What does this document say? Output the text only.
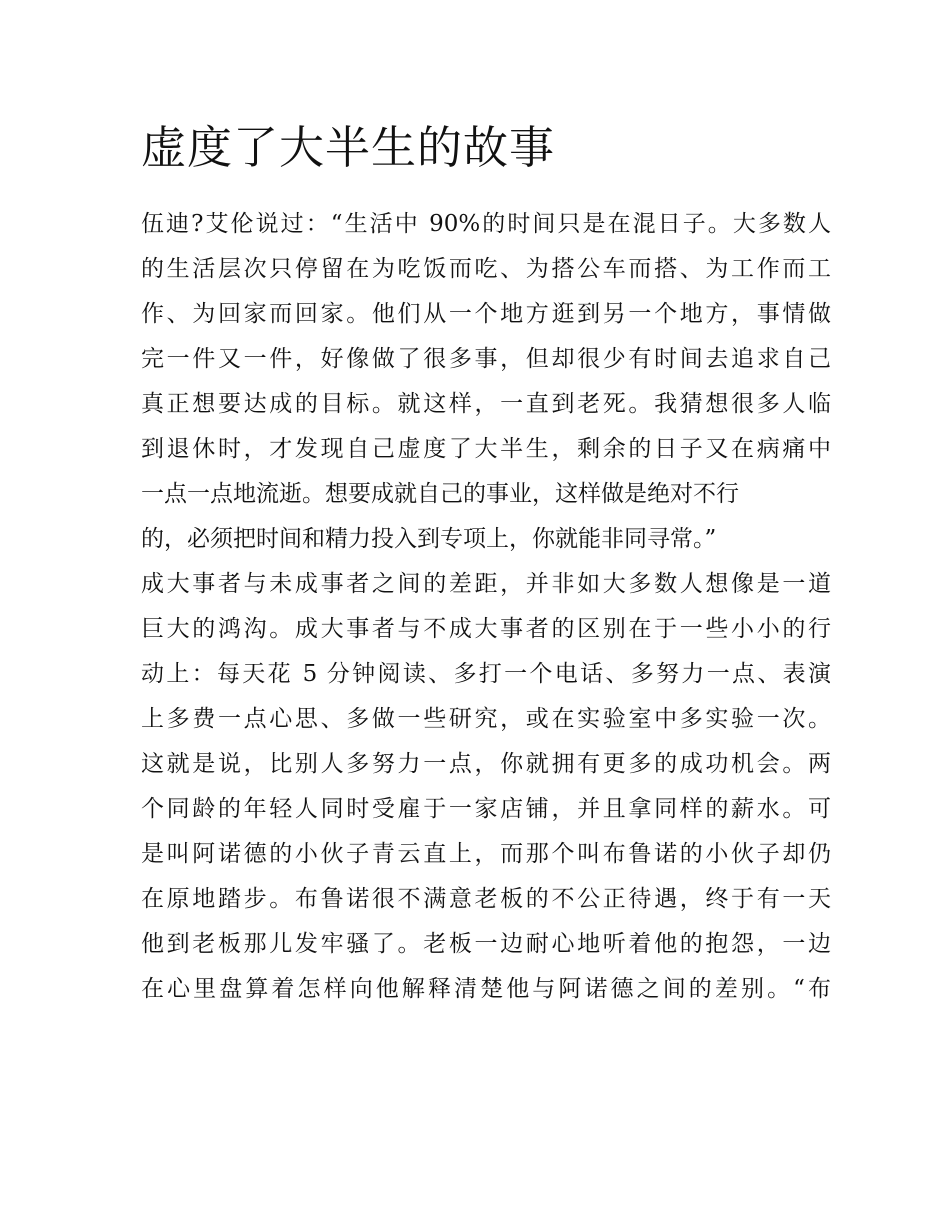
虚度了大半生的故事
伍迪?艾伦说过：“生活中 90%的时间只是在混日子。大多数人
的生活层次只停留在为吃饭而吃、为搭公车而搭、为工作而工
作、为回家而回家。他们从一个地方逛到另一个地方，事情做
完一件又一件，好像做了很多事，但却很少有时间去追求自己
真正想要达成的目标。就这样，一直到老死。我猜想很多人临
到退休时，才发现自己虚度了大半生，剩余的日子又在病痛中
一点一点地流逝。想要成就自己的事业，这样做是绝对不行
的，必须把时间和精力投入到专项上，你就能非同寻常。”
成大事者与未成事者之间的差距，并非如大多数人想像是一道
巨大的鸿沟。成大事者与不成大事者的区别在于一些小小的行
动上：每天花 5 分钟阅读、多打一个电话、多努力一点、表演
上多费一点心思、多做一些研究，或在实验室中多实验一次。
这就是说，比别人多努力一点，你就拥有更多的成功机会。两
个同龄的年轻人同时受雇于一家店铺，并且拿同样的薪水。可
是叫阿诺德的小伙子青云直上，而那个叫布鲁诺的小伙子却仍
在原地踏步。布鲁诺很不满意老板的不公正待遇，终于有一天
他到老板那儿发牢骚了。老板一边耐心地听着他的抱怨，一边
在心里盘算着怎样向他解释清楚他与阿诺德之间的差别。“布
